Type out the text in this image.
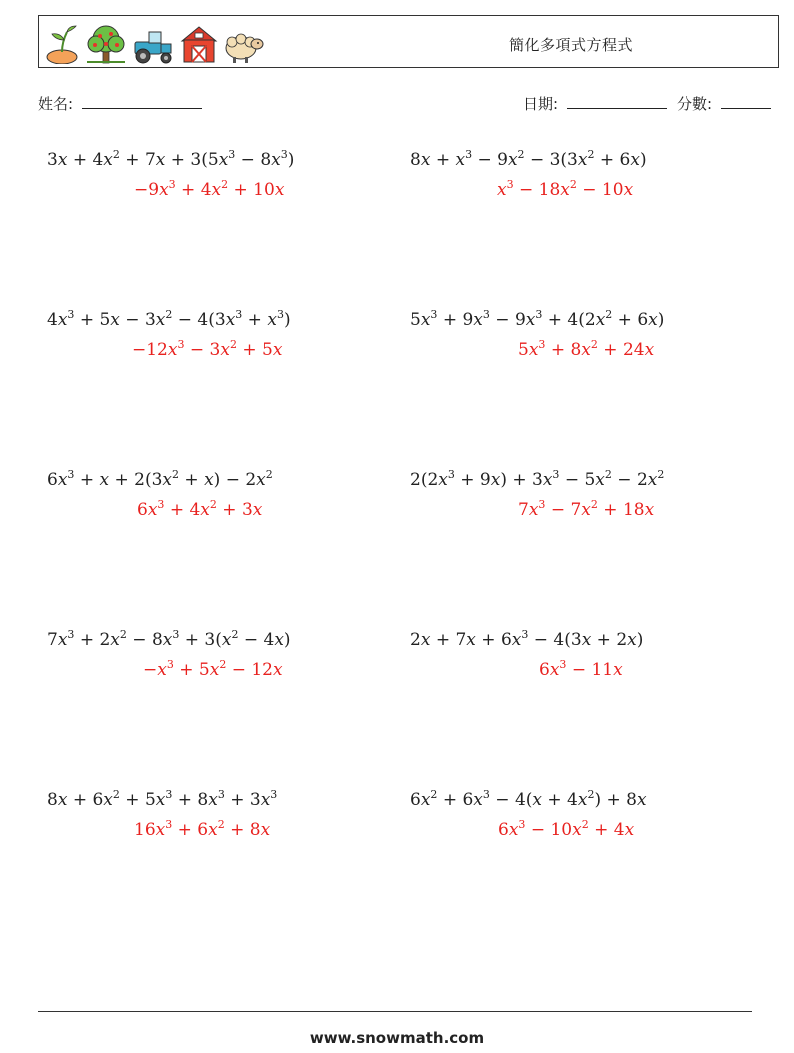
簡化多項式方程式
姓名:	日期:	分數:
$3x + 4x^2 + 7x + 3(5x^3 - 8x^3)$
$-9x^3 + 4x^2 + 10x$
$8x + x^3 - 9x^2 - 3(3x^2 + 6x)$
$x^3 - 18x^2 - 10x$
$4x^3 + 5x - 3x^2 - 4(3x^3 + x^3)$
$-12x^3 - 3x^2 + 5x$
$5x^3 + 9x^3 - 9x^3 + 4(2x^2 + 6x)$
$5x^3 + 8x^2 + 24x$
$6x^3 + x + 2(3x^2 + x) - 2x^2$
$6x^3 + 4x^2 + 3x$
$2(2x^3 + 9x) + 3x^3 - 5x^2 - 2x^2$
$7x^3 - 7x^2 + 18x$
$7x^3 + 2x^2 - 8x^3 + 3(x^2 - 4x)$
$-x^3 + 5x^2 - 12x$
$2x + 7x + 6x^3 - 4(3x + 2x)$
$6x^3 - 11x$
$8x + 6x^2 + 5x^3 + 8x^3 + 3x^3$
$16x^3 + 6x^2 + 8x$
$6x^2 + 6x^3 - 4(x + 4x^2) + 8x$
$6x^3 - 10x^2 + 4x$
www.snowmath.com
